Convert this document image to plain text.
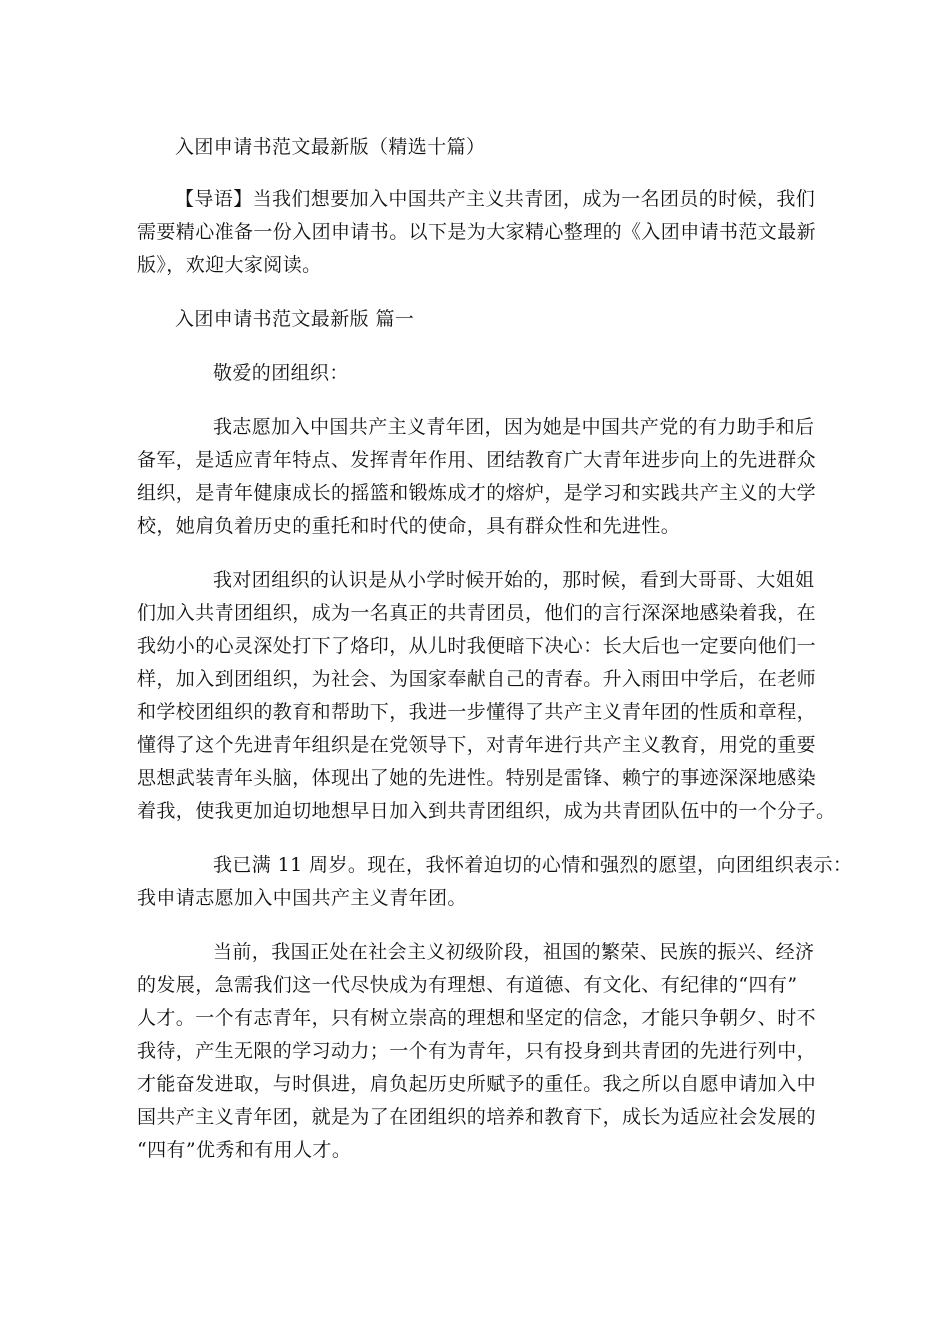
入团申请书范文最新版（精选十篇）
【导语】当我们想要加入中国共产主义共青团，成为一名团员的时候，我们
需要精心准备一份入团申请书。以下是为大家精心整理的《入团申请书范文最新
版》，欢迎大家阅读。
入团申请书范文最新版 篇一
敬爱的团组织：
我志愿加入中国共产主义青年团，因为她是中国共产党的有力助手和后
备军，是适应青年特点、发挥青年作用、团结教育广大青年进步向上的先进群众
组织，是青年健康成长的摇篮和锻炼成才的熔炉，是学习和实践共产主义的大学
校，她肩负着历史的重托和时代的使命，具有群众性和先进性。
我对团组织的认识是从小学时候开始的，那时候，看到大哥哥、大姐姐
们加入共青团组织，成为一名真正的共青团员，他们的言行深深地感染着我，在
我幼小的心灵深处打下了烙印，从儿时我便暗下决心：长大后也一定要向他们一
样，加入到团组织，为社会、为国家奉献自己的青春。升入雨田中学后，在老师
和学校团组织的教育和帮助下，我进一步懂得了共产主义青年团的性质和章程，
懂得了这个先进青年组织是在党领导下，对青年进行共产主义教育，用党的重要
思想武装青年头脑，体现出了她的先进性。特别是雷锋、赖宁的事迹深深地感染
着我，使我更加迫切地想早日加入到共青团组织，成为共青团队伍中的一个分子。
我已满 11 周岁。现在，我怀着迫切的心情和强烈的愿望，向团组织表示：
我申请志愿加入中国共产主义青年团。
当前，我国正处在社会主义初级阶段，祖国的繁荣、民族的振兴、经济
的发展，急需我们这一代尽快成为有理想、有道德、有文化、有纪律的“四有”
人才。一个有志青年，只有树立崇高的理想和坚定的信念，才能只争朝夕、时不
我待，产生无限的学习动力；一个有为青年，只有投身到共青团的先进行列中，
才能奋发进取，与时俱进，肩负起历史所赋予的重任。我之所以自愿申请加入中
国共产主义青年团，就是为了在团组织的培养和教育下，成长为适应社会发展的
“四有”优秀和有用人才。
